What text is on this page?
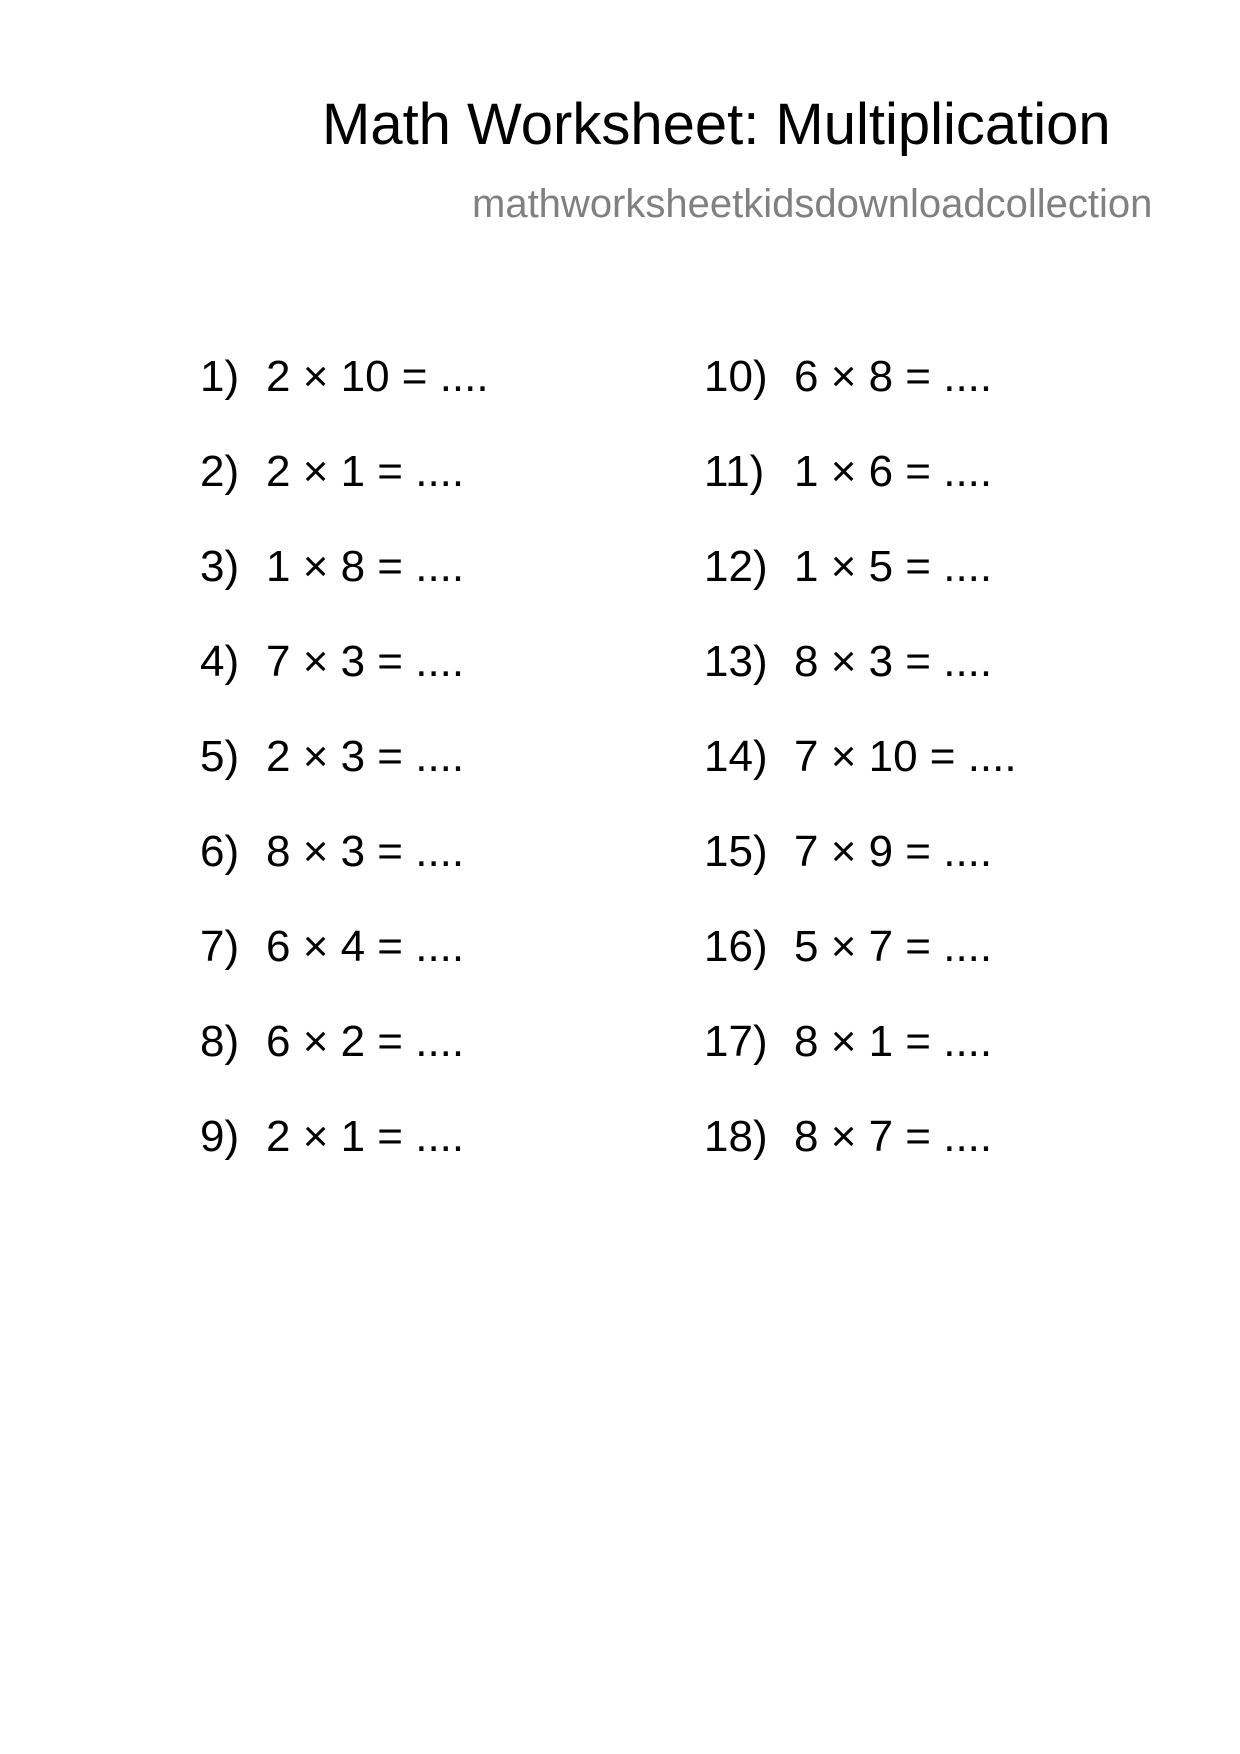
Math Worksheet: Multiplication
mathworksheetkidsdownloadcollection
1) 2 × 10 = ....
2) 2 × 1 = ....
3) 1 × 8 = ....
4) 7 × 3 = ....
5) 2 × 3 = ....
6) 8 × 3 = ....
7) 6 × 4 = ....
8) 6 × 2 = ....
9) 2 × 1 = ....
10) 6 × 8 = ....
11) 1 × 6 = ....
12) 1 × 5 = ....
13) 8 × 3 = ....
14) 7 × 10 = ....
15) 7 × 9 = ....
16) 5 × 7 = ....
17) 8 × 1 = ....
18) 8 × 7 = ....
